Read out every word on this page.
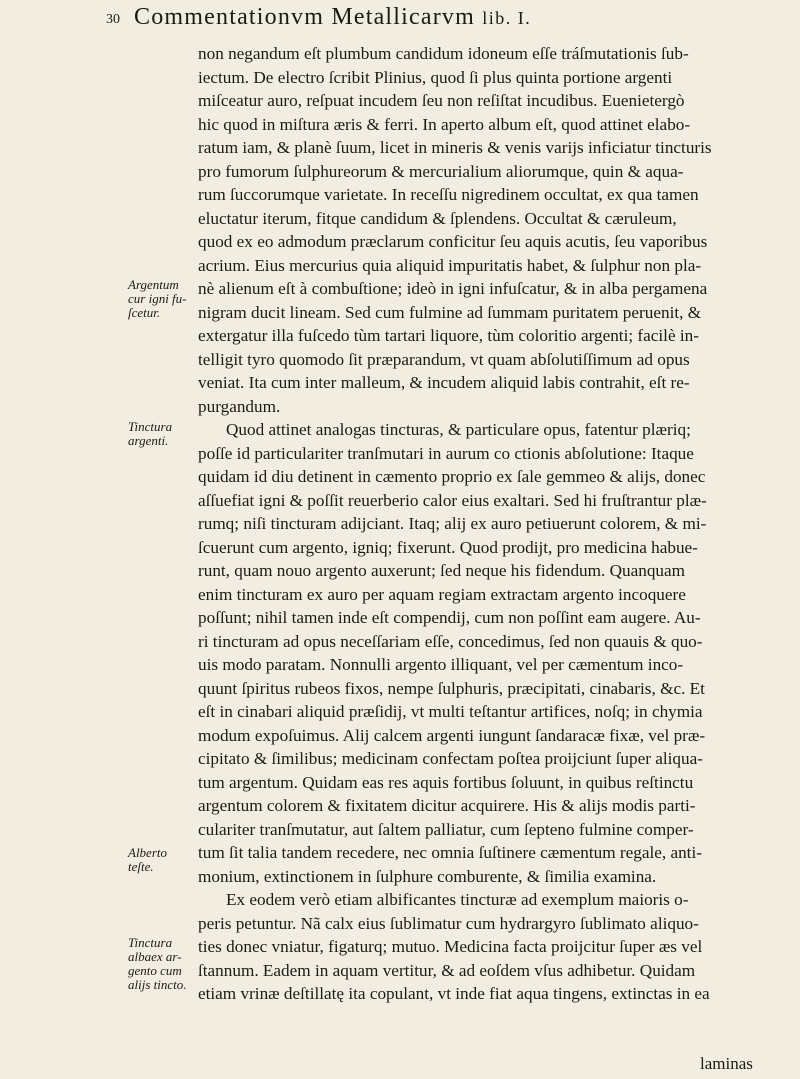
30 Commentationvm Metallicarvm lib. I.
non negandum eſt plumbum candidum idoneum eſſe tráſmutationis ſub-
iectum. De electro ſcribit Plinius, quod ſi plus quinta portione argenti
miſceatur auro, reſpuat incudem ſeu non reſiſtat incudibus. Euenietergò
hic quod in miſtura æris & ferri. In aperto album eſt, quod attinet elabo-
ratum iam, & planè ſuum, licet in mineris & venis varijs inficiatur tincturis
pro fumorum ſulphureorum & mercurialium aliorumque, quin & aqua-
rum ſuccorumque varietate. In receſſu nigredinem occultat, ex qua tamen
eluctatur iterum, fitque candidum & ſplendens. Occultat & cæruleum,
quod ex eo admodum præclarum conficitur ſeu aquis acutis, ſeu vaporibus
acrium. Eius mercurius quia aliquid impuritatis habet, & ſulphur non pla-
nè alienum eſt à combuſtione; ideò in igni infuſcatur, & in alba pergamena
nigram ducit lineam. Sed cum fulmine ad ſummam puritatem peruenit, &
extergatur illa fuſcedo tùm tartari liquore, tùm coloritio argenti; facilè in-
telligit tyro quomodo ſit præparandum, vt quam abſolutiſſimum ad opus
veniat. Ita cum inter malleum, & incudem aliquid labis contrahit, eſt re-
purgandum.
Quod attinet analogas tincturas, & particulare opus, fatentur plæriq;
poſſe id particulariter tranſmutari in aurum co ctionis abſolutione: Itaque
quidam id diu detinent in cæmento proprio ex ſale gemmeo & alijs, donec
aſſuefiat igni & poſſit reuerberio calor eius exaltari. Sed hi fruſtrantur plæ-
rumq; niſi tincturam adijciant. Itaq; alij ex auro petiuerunt colorem, & mi-
ſcuerunt cum argento, igniq; fixerunt. Quod prodijt, pro medicina habue-
runt, quam nouo argento auxerunt; ſed neque his fidendum. Quanquam
enim tincturam ex auro per aquam regiam extractam argento incoquere
poſſunt; nihil tamen inde eſt compendij, cum non poſſint eam augere. Au-
ri tincturam ad opus neceſſariam eſſe, concedimus, ſed non quauis & quo-
uis modo paratam. Nonnulli argento illiquant, vel per cæmentum inco-
quunt ſpiritus rubeos fixos, nempe ſulphuris, præcipitati, cinabaris, &c. Et
eſt in cinabari aliquid præſidij, vt multi teſtantur artifices, noſq; in chymia
modum expoſuimus. Alij calcem argenti iungunt ſandaracæ fixæ, vel præ-
cipitato & ſimilibus; medicinam confectam poſtea proijciunt ſuper aliqua-
tum argentum. Quidam eas res aquis fortibus ſoluunt, in quibus reſtinctu
argentum colorem & fixitatem dicitur acquirere. His & alijs modis parti-
culariter tranſmutatur, aut ſaltem palliatur, cum ſepteno fulmine comper-
tum ſit talia tandem recedere, nec omnia ſuſtinere cæmentum regale, anti-
monium, extinctionem in ſulphure comburente, & ſimilia examina.
Ex eodem verò etiam albificantes tincturæ ad exemplum maioris o-
peris petuntur. Nã calx eius ſublimatur cum hydrargyro ſublimato aliquo-
ties donec vniatur, figaturq; mutuo. Medicina facta proijcitur ſuper æs vel
ſtannum. Eadem in aquam vertitur, & ad eoſdem vſus adhibetur. Quidam
etiam vrinæ deſtillatę ita copulant, vt inde fiat aqua tingens, extinctas in ea
Argentum
cur igni fu-
ſcetur.
Tinctura
argenti.
Alberto
teſte.
Tinctura
albaex ar-
gento cum
alijs tincto.
laminas
